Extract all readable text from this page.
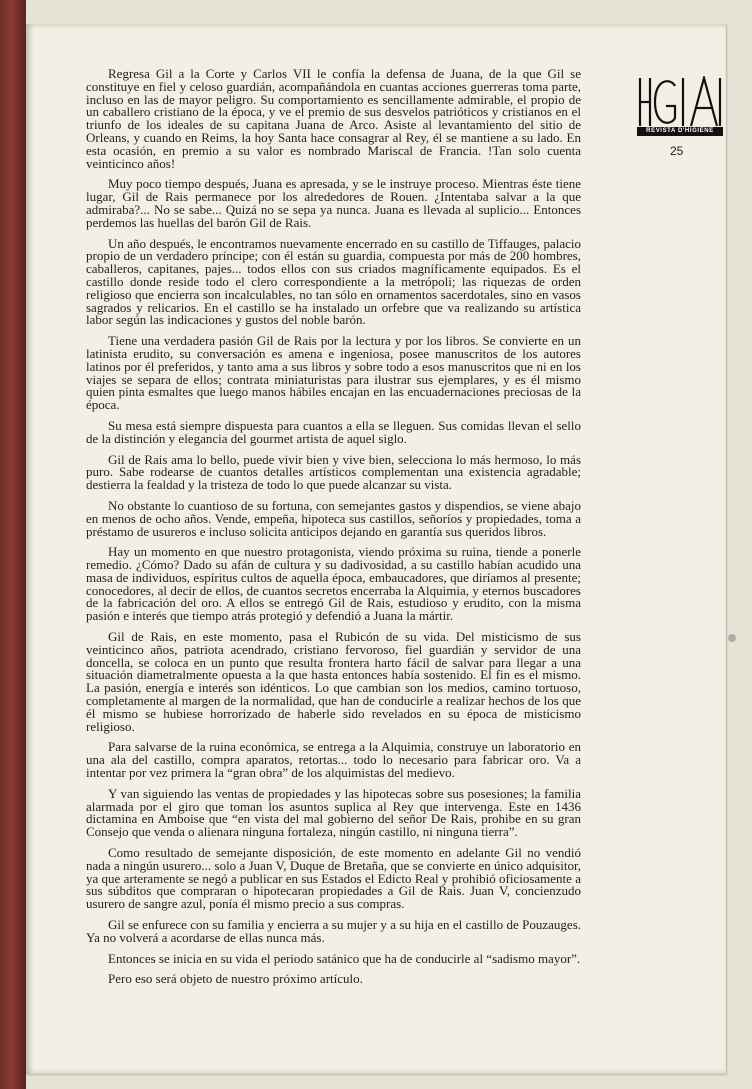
REVISTA D'HIGIENE
25

Regresa Gil a la Corte y Carlos VII le confía la defensa de Juana, de la que Gil se constituye en fiel y celoso guardián, acompañándola en cuantas acciones guerreras toma parte, incluso en las de mayor peligro. Su comportamiento es sencillamente admirable, el propio de un caballero cristiano de la época, y ve el premio de sus desvelos patrióticos y cristianos en el triunfo de los ideales de su capitana Juana de Arco. Asiste al levantamiento del sitio de Orleans, y cuando en Reims, la hoy Santa hace consagrar al Rey, él se mantiene a su lado. En esta ocasión, en premio a su valor es nombrado Mariscal de Francia. !Tan solo cuenta veinticinco años!

Muy poco tiempo después, Juana es apresada, y se le instruye proceso. Mientras éste tiene lugar, Gil de Rais permanece por los alrededores de Rouen. ¿Intentaba salvar a la que admiraba?... No se sabe... Quizá no se sepa ya nunca. Juana es llevada al suplicio... Entonces perdemos las huellas del barón Gil de Rais.

Un año después, le encontramos nuevamente encerrado en su castillo de Tiffauges, palacio propio de un verdadero príncipe; con él están su guardia, compuesta por más de 200 hombres, caballeros, capitanes, pajes... todos ellos con sus criados magníficamente equipados. Es el castillo donde reside todo el clero correspondiente a la metrópoli; las riquezas de orden religioso que encierra son incalculables, no tan sólo en ornamentos sacerdotales, sino en vasos sagrados y relicarios. En el castillo se ha instalado un orfebre que va realizando su artística labor según las indicaciones y gustos del noble barón.

Tiene una verdadera pasión Gil de Rais por la lectura y por los libros. Se convierte en un latinista erudito, su conversación es amena e ingeniosa, posee manuscritos de los autores latinos por él preferidos, y tanto ama a sus libros y sobre todo a esos manuscritos que ni en los viajes se separa de ellos; contrata miniaturistas para ilustrar sus ejemplares, y es él mismo quien pinta esmaltes que luego manos hábiles encajan en las encuadernaciones preciosas de la época.

Su mesa está siempre dispuesta para cuantos a ella se lleguen. Sus comidas llevan el sello de la distinción y elegancia del gourmet artista de aquel siglo.

Gil de Rais ama lo bello, puede vivir bien y vive bien, selecciona lo más hermoso, lo más puro. Sabe rodearse de cuantos detalles artísticos complementan una existencia agradable; destierra la fealdad y la tristeza de todo lo que puede alcanzar su vista.

No obstante lo cuantioso de su fortuna, con semejantes gastos y dispendios, se viene abajo en menos de ocho años. Vende, empeña, hipoteca sus castillos, señoríos y propiedades, toma a préstamo de usureros e incluso solicita anticipos dejando en garantía sus queridos libros.

Hay un momento en que nuestro protagonista, viendo próxima su ruina, tiende a ponerle remedio. ¿Cómo? Dado su afán de cultura y su dadivosidad, a su castillo habían acudido una masa de individuos, espíritus cultos de aquella época, embaucadores, que diríamos al presente; conocedores, al decir de ellos, de cuantos secretos encerraba la Alquimia, y eternos buscadores de la fabricación del oro. A ellos se entregó Gil de Rais, estudioso y erudito, con la misma pasión e interés que tiempo atrás protegió y defendió a Juana la mártir.

Gil de Rais, en este momento, pasa el Rubicón de su vida. Del misticismo de sus veinticinco años, patriota acendrado, cristiano fervoroso, fiel guardián y servidor de una doncella, se coloca en un punto que resulta frontera harto fácil de salvar para llegar a una situación diametralmente opuesta a la que hasta entonces había sostenido. El fin es el mismo. La pasión, energía e interés son idénticos. Lo que cambian son los medios, camino tortuoso, completamente al margen de la normalidad, que han de conducirle a realizar hechos de los que él mismo se hubiese horrorizado de haberle sido revelados en su época de misticismo religioso.

Para salvarse de la ruina económica, se entrega a la Alquimia, construye un laboratorio en una ala del castillo, compra aparatos, retortas... todo lo necesario para fabricar oro. Va a intentar por vez primera la “gran obra” de los alquimistas del medievo.

Y van siguiendo las ventas de propiedades y las hipotecas sobre sus posesiones; la familia alarmada por el giro que toman los asuntos suplica al Rey que intervenga. Este en 1436 dictamina en Amboise que “en vista del mal gobierno del señor De Rais, prohibe en su gran Consejo que venda o alienara ninguna fortaleza, ningún castillo, ni ninguna tierra”.

Como resultado de semejante disposición, de este momento en adelante Gil no vendió nada a ningún usurero... solo a Juan V, Duque de Bretaña, que se convierte en único adquisitor, ya que arteramente se negó a publicar en sus Estados el Edicto Real y prohibió oficiosamente a sus súbditos que compraran o hipotecaran propiedades a Gil de Rais. Juan V, concienzudo usurero de sangre azul, ponía él mismo precio a sus compras.

Gil se enfurece con su familia y encierra a su mujer y a su hija en el castillo de Pouzauges. Ya no volverá a acordarse de ellas nunca más.

Entonces se inicia en su vida el periodo satánico que ha de conducirle al “sadismo mayor”.

Pero eso será objeto de nuestro próximo artículo.
